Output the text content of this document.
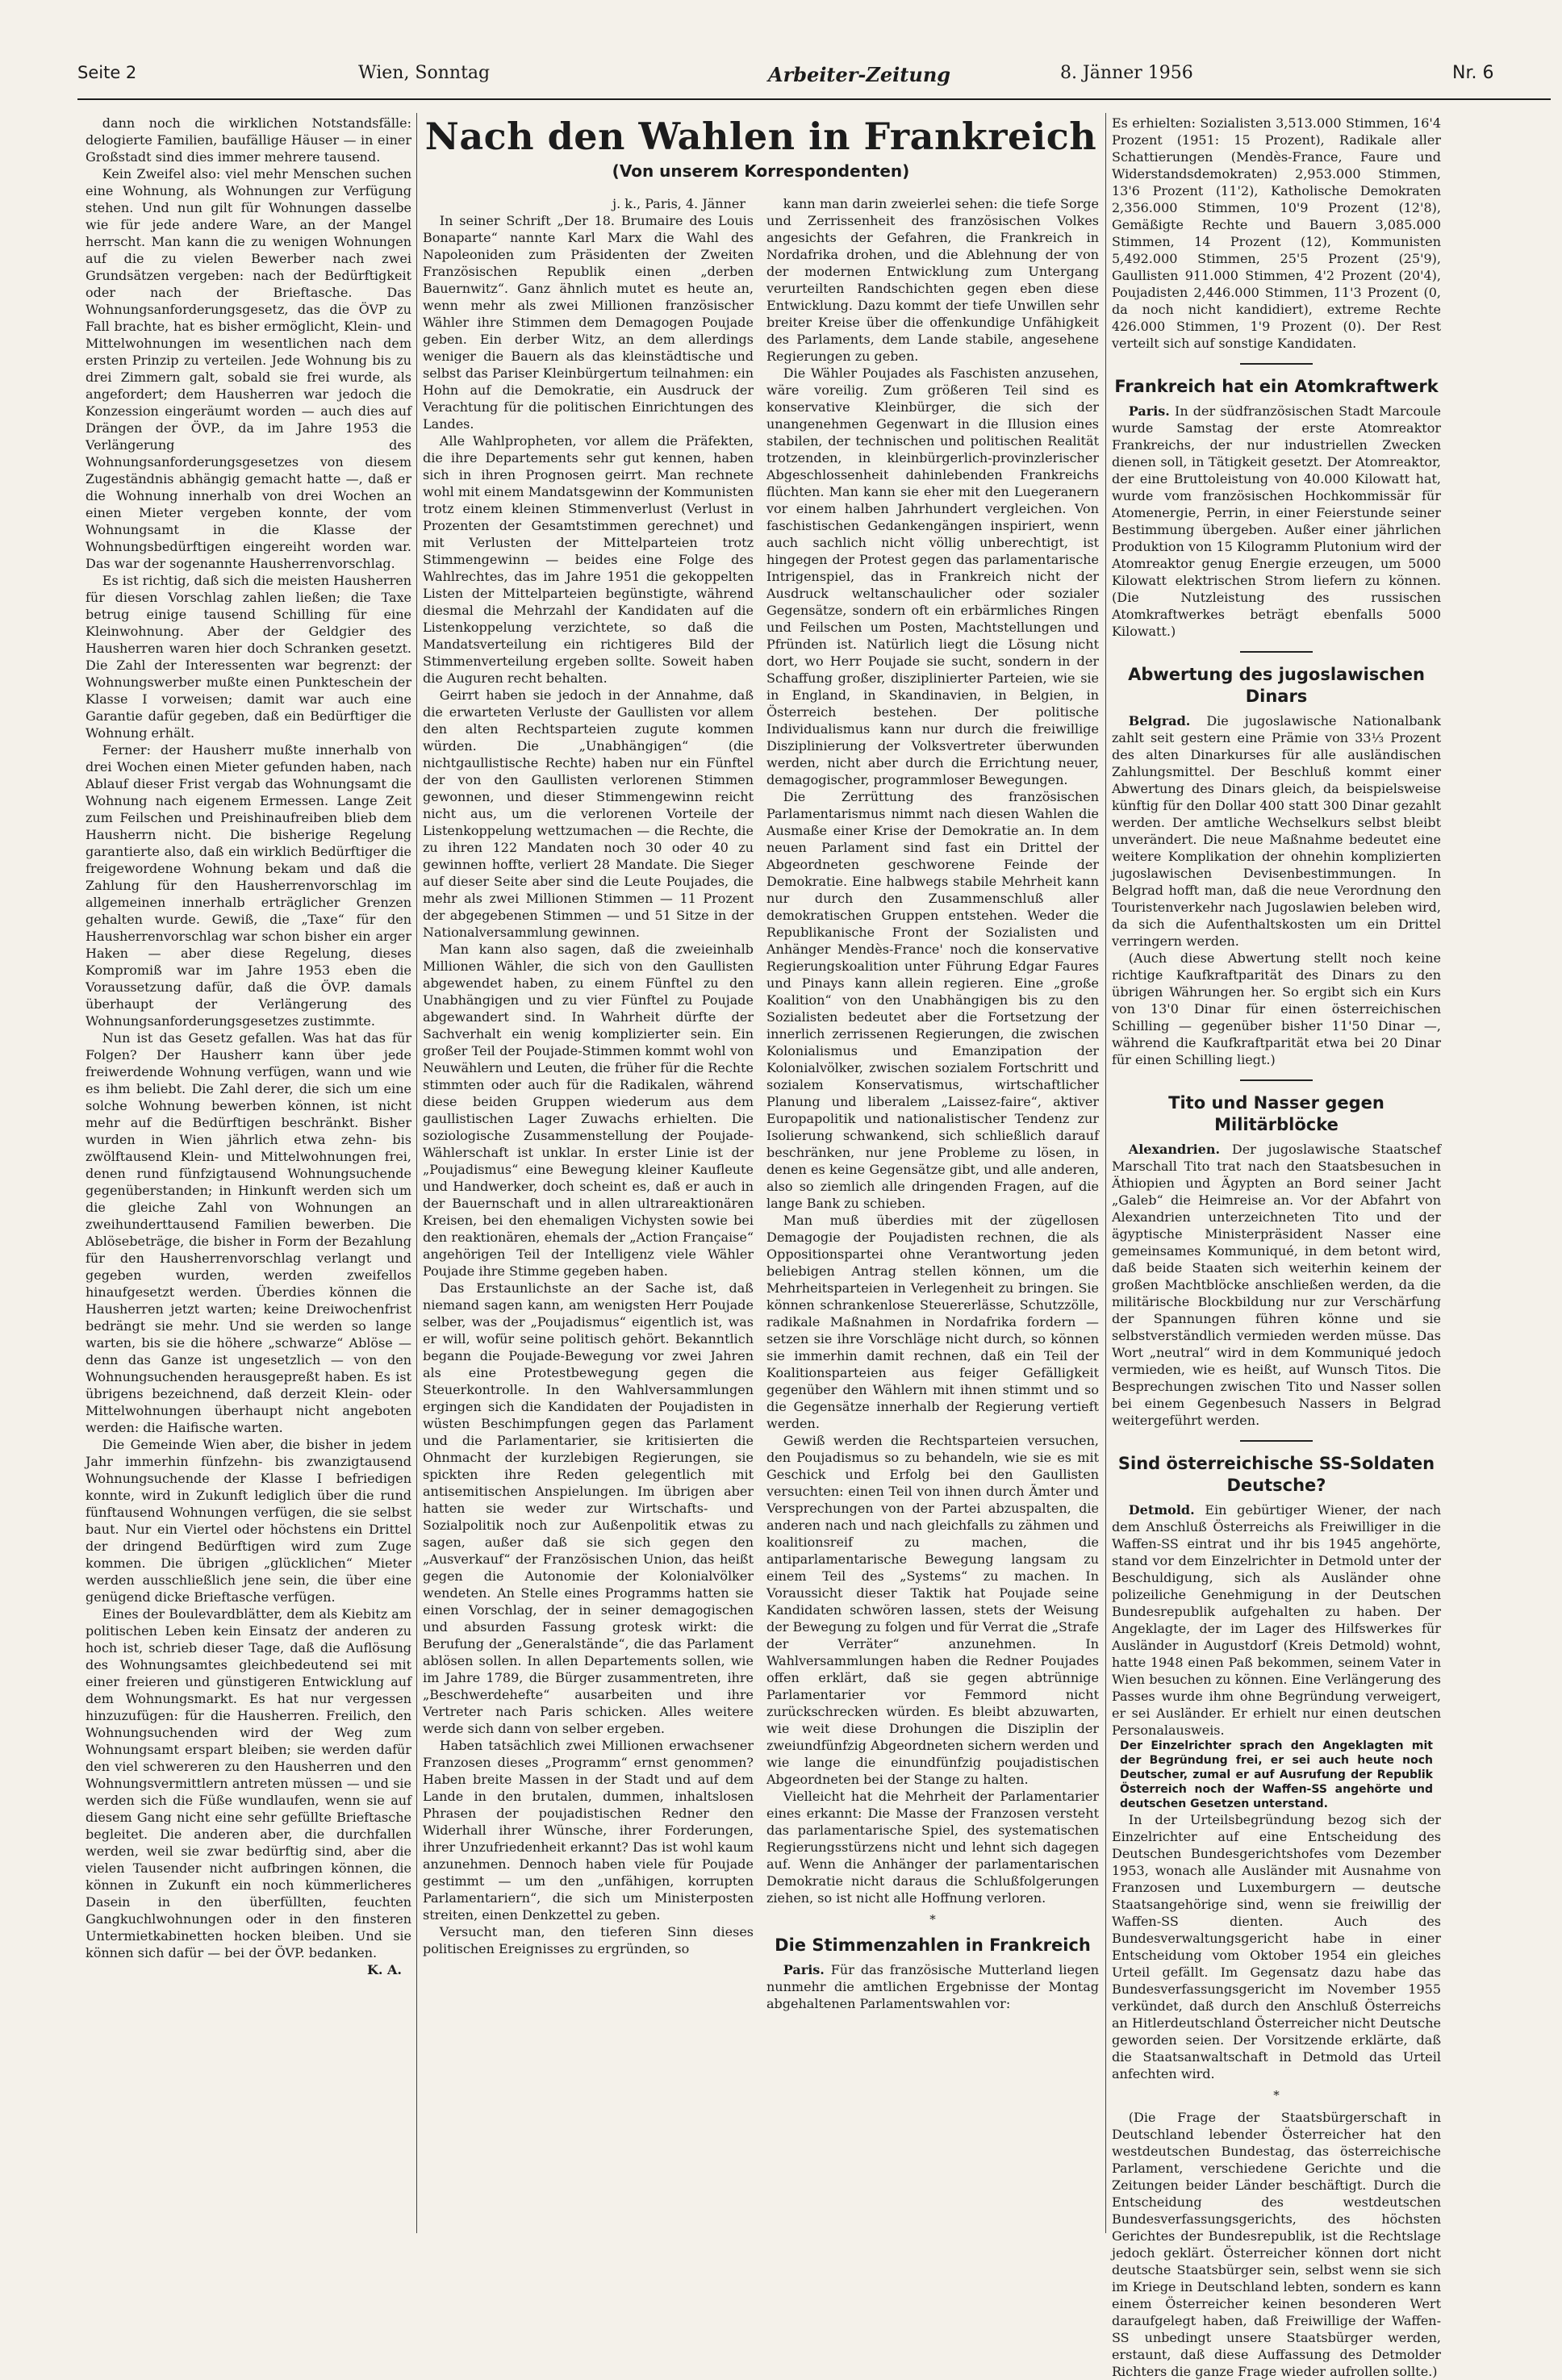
Seite 2	Wien, Sonntag	Arbeiter-Zeitung	8. Jänner 1956	Nr. 6

dann noch die wirklichen Notstandsfälle: delogierte Familien, baufällige Häuser — in einer Großstadt sind dies immer mehrere tausend.

Kein Zweifel also: viel mehr Menschen suchen eine Wohnung, als Wohnungen zur Verfügung stehen. Und nun gilt für Wohnungen dasselbe wie für jede andere Ware, an der Mangel herrscht. Man kann die zu wenigen Wohnungen auf die zu vielen Bewerber nach zwei Grundsätzen vergeben: nach der Bedürftigkeit oder nach der Brieftasche. Das Wohnungsanforderungsgesetz, das die ÖVP zu Fall brachte, hat es bisher ermöglicht, Klein- und Mittelwohnungen im wesentlichen nach dem ersten Prinzip zu verteilen. Jede Wohnung bis zu drei Zimmern galt, sobald sie frei wurde, als angefordert; dem Hausherren war jedoch die Konzession eingeräumt worden — auch dies auf Drängen der ÖVP., da im Jahre 1953 die Verlängerung des Wohnungsanforderungsgesetzes von diesem Zugeständnis abhängig gemacht hatte —, daß er die Wohnung innerhalb von drei Wochen an einen Mieter vergeben konnte, der vom Wohnungsamt in die Klasse der Wohnungsbedürftigen eingereiht worden war. Das war der sogenannte Hausherrenvorschlag.

Es ist richtig, daß sich die meisten Hausherren für diesen Vorschlag zahlen ließen; die Taxe betrug einige tausend Schilling für eine Kleinwohnung. Aber der Geldgier des Hausherren waren hier doch Schranken gesetzt. Die Zahl der Interessenten war begrenzt: der Wohnungswerber mußte einen Punkteschein der Klasse I vorweisen; damit war auch eine Garantie dafür gegeben, daß ein Bedürftiger die Wohnung erhält.

Ferner: der Hausherr mußte innerhalb von drei Wochen einen Mieter gefunden haben, nach Ablauf dieser Frist vergab das Wohnungsamt die Wohnung nach eigenem Ermessen. Lange Zeit zum Feilschen und Preishinaufreiben blieb dem Hausherrn nicht. Die bisherige Regelung garantierte also, daß ein wirklich Bedürftiger die freigewordene Wohnung bekam und daß die Zahlung für den Hausherrenvorschlag im allgemeinen innerhalb erträglicher Grenzen gehalten wurde. Gewiß, die „Taxe“ für den Hausherrenvorschlag war schon bisher ein arger Haken — aber diese Regelung, dieses Kompromiß war im Jahre 1953 eben die Voraussetzung dafür, daß die ÖVP. damals überhaupt der Verlängerung des Wohnungsanforderungsgesetzes zustimmte.

Nun ist das Gesetz gefallen. Was hat das für Folgen? Der Hausherr kann über jede freiwerdende Wohnung verfügen, wann und wie es ihm beliebt. Die Zahl derer, die sich um eine solche Wohnung bewerben können, ist nicht mehr auf die Bedürftigen beschränkt. Bisher wurden in Wien jährlich etwa zehn- bis zwölftausend Klein- und Mittelwohnungen frei, denen rund fünfzigtausend Wohnungsuchende gegenüberstanden; in Hinkunft werden sich um die gleiche Zahl von Wohnungen an zweihunderttausend Familien bewerben. Die Ablösebeträge, die bisher in Form der Bezahlung für den Hausherrenvorschlag verlangt und gegeben wurden, werden zweifellos hinaufgesetzt werden. Überdies können die Hausherren jetzt warten; keine Dreiwochenfrist bedrängt sie mehr. Und sie werden so lange warten, bis sie die höhere „schwarze“ Ablöse — denn das Ganze ist ungesetzlich — von den Wohnungsuchenden herausgepreßt haben. Es ist übrigens bezeichnend, daß derzeit Klein- oder Mittelwohnungen überhaupt nicht angeboten werden: die Haifische warten.

Die Gemeinde Wien aber, die bisher in jedem Jahr immerhin fünfzehn- bis zwanzigtausend Wohnungsuchende der Klasse I befriedigen konnte, wird in Zukunft lediglich über die rund fünftausend Wohnungen verfügen, die sie selbst baut. Nur ein Viertel oder höchstens ein Drittel der dringend Bedürftigen wird zum Zuge kommen. Die übrigen „glücklichen“ Mieter werden ausschließlich jene sein, die über eine genügend dicke Brieftasche verfügen.

Eines der Boulevardblätter, dem als Kiebitz am politischen Leben kein Einsatz der anderen zu hoch ist, schrieb dieser Tage, daß die Auflösung des Wohnungsamtes gleichbedeutend sei mit einer freieren und günstigeren Entwicklung auf dem Wohnungsmarkt. Es hat nur vergessen hinzuzufügen: für die Hausherren. Freilich, den Wohnungsuchenden wird der Weg zum Wohnungsamt erspart bleiben; sie werden dafür den viel schwereren zu den Hausherren und den Wohnungsvermittlern antreten müssen — und sie werden sich die Füße wundlaufen, wenn sie auf diesem Gang nicht eine sehr gefüllte Brieftasche begleitet. Die anderen aber, die durchfallen werden, weil sie zwar bedürftig sind, aber die vielen Tausender nicht aufbringen können, die können in Zukunft ein noch kümmerlicheres Dasein in den überfüllten, feuchten Gangkuchlwohnungen oder in den finsteren Untermietkabinetten hocken bleiben. Und sie können sich dafür — bei der ÖVP. bedanken.

K. A.

Nach den Wahlen in Frankreich
(Von unserem Korrespondenten)

j. k., Paris, 4. Jänner

In seiner Schrift „Der 18. Brumaire des Louis Bonaparte“ nannte Karl Marx die Wahl des Napoleoniden zum Präsidenten der Zweiten Französischen Republik einen „derben Bauernwitz“. Ganz ähnlich mutet es heute an, wenn mehr als zwei Millionen französischer Wähler ihre Stimmen dem Demagogen Poujade geben. Ein derber Witz, an dem allerdings weniger die Bauern als das kleinstädtische und selbst das Pariser Kleinbürgertum teilnahmen: ein Hohn auf die Demokratie, ein Ausdruck der Verachtung für die politischen Einrichtungen des Landes.

Alle Wahlpropheten, vor allem die Präfekten, die ihre Departements sehr gut kennen, haben sich in ihren Prognosen geirrt. Man rechnete wohl mit einem Mandatsgewinn der Kommunisten trotz einem kleinen Stimmenverlust (Verlust in Prozenten der Gesamtstimmen gerechnet) und mit Verlusten der Mittelparteien trotz Stimmengewinn — beides eine Folge des Wahlrechtes, das im Jahre 1951 die gekoppelten Listen der Mittelparteien begünstigte, während diesmal die Mehrzahl der Kandidaten auf die Listenkoppelung verzichtete, so daß die Mandatsverteilung ein richtigeres Bild der Stimmenverteilung ergeben sollte. Soweit haben die Auguren recht behalten.

Geirrt haben sie jedoch in der Annahme, daß die erwarteten Verluste der Gaullisten vor allem den alten Rechtsparteien zugute kommen würden. Die „Unabhängigen“ (die nichtgaullistische Rechte) haben nur ein Fünftel der von den Gaullisten verlorenen Stimmen gewonnen, und dieser Stimmengewinn reicht nicht aus, um die verlorenen Vorteile der Listenkoppelung wettzumachen — die Rechte, die zu ihren 122 Mandaten noch 30 oder 40 zu gewinnen hoffte, verliert 28 Mandate. Die Sieger auf dieser Seite aber sind die Leute Poujades, die mehr als zwei Millionen Stimmen — 11 Prozent der abgegebenen Stimmen — und 51 Sitze in der Nationalversammlung gewinnen.

Man kann also sagen, daß die zweieinhalb Millionen Wähler, die sich von den Gaullisten abgewendet haben, zu einem Fünftel zu den Unabhängigen und zu vier Fünftel zu Poujade abgewandert sind. In Wahrheit dürfte der Sachverhalt ein wenig komplizierter sein. Ein großer Teil der Poujade-Stimmen kommt wohl von Neuwählern und Leuten, die früher für die Rechte stimmten oder auch für die Radikalen, während diese beiden Gruppen wiederum aus dem gaullistischen Lager Zuwachs erhielten. Die soziologische Zusammenstellung der Poujade-Wählerschaft ist unklar. In erster Linie ist der „Poujadismus“ eine Bewegung kleiner Kaufleute und Handwerker, doch scheint es, daß er auch in der Bauernschaft und in allen ultrareaktionären Kreisen, bei den ehemaligen Vichysten sowie bei den reaktionären, ehemals der „Action Française“ angehörigen Teil der Intelligenz viele Wähler Poujade ihre Stimme gegeben haben.

Das Erstaunlichste an der Sache ist, daß niemand sagen kann, am wenigsten Herr Poujade selber, was der „Poujadismus“ eigentlich ist, was er will, wofür seine politisch gehört. Bekanntlich begann die Poujade-Bewegung vor zwei Jahren als eine Protestbewegung gegen die Steuerkontrolle. In den Wahlversammlungen ergingen sich die Kandidaten der Poujadisten in wüsten Beschimpfungen gegen das Parlament und die Parlamentarier, sie kritisierten die Ohnmacht der kurzlebigen Regierungen, sie spickten ihre Reden gelegentlich mit antisemitischen Anspielungen. Im übrigen aber hatten sie weder zur Wirtschafts- und Sozialpolitik noch zur Außenpolitik etwas zu sagen, außer daß sie sich gegen den „Ausverkauf“ der Französischen Union, das heißt gegen die Autonomie der Kolonialvölker wendeten. An Stelle eines Programms hatten sie einen Vorschlag, der in seiner demagogischen und absurden Fassung grotesk wirkt: die Berufung der „Generalstände“, die das Parlament ablösen sollen. In allen Departements sollen, wie im Jahre 1789, die Bürger zusammentreten, ihre „Beschwerdehefte“ ausarbeiten und ihre Vertreter nach Paris schicken. Alles weitere werde sich dann von selber ergeben.

Haben tatsächlich zwei Millionen erwachsener Franzosen dieses „Programm“ ernst genommen? Haben breite Massen in der Stadt und auf dem Lande in den brutalen, dummen, inhaltslosen Phrasen der poujadistischen Redner den Widerhall ihrer Wünsche, ihrer Forderungen, ihrer Unzufriedenheit erkannt? Das ist wohl kaum anzunehmen. Dennoch haben viele für Poujade gestimmt — um den „unfähigen, korrupten Parlamentariern“, die sich um Ministerposten streiten, einen Denkzettel zu geben.

Versucht man, den tieferen Sinn dieses politischen Ereignisses zu ergründen, so

kann man darin zweierlei sehen: die tiefe Sorge und Zerrissenheit des französischen Volkes angesichts der Gefahren, die Frankreich in Nordafrika drohen, und die Ablehnung der von der modernen Entwicklung zum Untergang verurteilten Randschichten gegen eben diese Entwicklung. Dazu kommt der tiefe Unwillen sehr breiter Kreise über die offenkundige Unfähigkeit des Parlaments, dem Lande stabile, angesehene Regierungen zu geben.

Die Wähler Poujades als Faschisten anzusehen, wäre voreilig. Zum größeren Teil sind es konservative Kleinbürger, die sich der unangenehmen Gegenwart in die Illusion eines stabilen, der technischen und politischen Realität trotzenden, in kleinbürgerlich-provinzlerischer Abgeschlossenheit dahinlebenden Frankreichs flüchten. Man kann sie eher mit den Luegeranern vor einem halben Jahrhundert vergleichen. Von faschistischen Gedankengängen inspiriert, wenn auch sachlich nicht völlig unberechtigt, ist hingegen der Protest gegen das parlamentarische Intrigenspiel, das in Frankreich nicht der Ausdruck weltanschaulicher oder sozialer Gegensätze, sondern oft ein erbärmliches Ringen und Feilschen um Posten, Machtstellungen und Pfründen ist. Natürlich liegt die Lösung nicht dort, wo Herr Poujade sie sucht, sondern in der Schaffung großer, disziplinierter Parteien, wie sie in England, in Skandinavien, in Belgien, in Österreich bestehen. Der politische Individualismus kann nur durch die freiwillige Disziplinierung der Volksvertreter überwunden werden, nicht aber durch die Errichtung neuer, demagogischer, programmloser Bewegungen.

Die Zerrüttung des französischen Parlamentarismus nimmt nach diesen Wahlen die Ausmaße einer Krise der Demokratie an. In dem neuen Parlament sind fast ein Drittel der Abgeordneten geschworene Feinde der Demokratie. Eine halbwegs stabile Mehrheit kann nur durch den Zusammenschluß aller demokratischen Gruppen entstehen. Weder die Republikanische Front der Sozialisten und Anhänger Mendès-France' noch die konservative Regierungskoalition unter Führung Edgar Faures und Pinays kann allein regieren. Eine „große Koalition“ von den Unabhängigen bis zu den Sozialisten bedeutet aber die Fortsetzung der innerlich zerrissenen Regierungen, die zwischen Kolonialismus und Emanzipation der Kolonialvölker, zwischen sozialem Fortschritt und sozialem Konservatismus, wirtschaftlicher Planung und liberalem „Laissez-faire“, aktiver Europapolitik und nationalistischer Tendenz zur Isolierung schwankend, sich schließlich darauf beschränken, nur jene Probleme zu lösen, in denen es keine Gegensätze gibt, und alle anderen, also so ziemlich alle dringenden Fragen, auf die lange Bank zu schieben.

Man muß überdies mit der zügellosen Demagogie der Poujadisten rechnen, die als Oppositionspartei ohne Verantwortung jeden beliebigen Antrag stellen können, um die Mehrheitsparteien in Verlegenheit zu bringen. Sie können schrankenlose Steuererlässe, Schutzzölle, radikale Maßnahmen in Nordafrika fordern — setzen sie ihre Vorschläge nicht durch, so können sie immerhin damit rechnen, daß ein Teil der Koalitionsparteien aus feiger Gefälligkeit gegenüber den Wählern mit ihnen stimmt und so die Gegensätze innerhalb der Regierung vertieft werden.

Gewiß werden die Rechtsparteien versuchen, den Poujadismus so zu behandeln, wie sie es mit Geschick und Erfolg bei den Gaullisten versuchten: einen Teil von ihnen durch Ämter und Versprechungen von der Partei abzuspalten, die anderen nach und nach gleichfalls zu zähmen und koalitionsreif zu machen, die antiparlamentarische Bewegung langsam zu einem Teil des „Systems“ zu machen. In Voraussicht dieser Taktik hat Poujade seine Kandidaten schwören lassen, stets der Weisung der Bewegung zu folgen und für Verrat die „Strafe der Verräter“ anzunehmen. In Wahlversammlungen haben die Redner Poujades offen erklärt, daß sie gegen abtrünnige Parlamentarier vor Femmord nicht zurückschrecken würden. Es bleibt abzuwarten, wie weit diese Drohungen die Disziplin der zweiundfünfzig Abgeordneten sichern werden und wie lange die einundfünfzig poujadistischen Abgeordneten bei der Stange zu halten.

Vielleicht hat die Mehrheit der Parlamentarier eines erkannt: Die Masse der Franzosen versteht das parlamentarische Spiel, des systematischen Regierungsstürzens nicht und lehnt sich dagegen auf. Wenn die Anhänger der parlamentarischen Demokratie nicht daraus die Schlußfolgerungen ziehen, so ist nicht alle Hoffnung verloren.

*
Die Stimmenzahlen in Frankreich

Paris. Für das französische Mutterland liegen nunmehr die amtlichen Ergebnisse der Montag abgehaltenen Parlamentswahlen vor:

Es erhielten: Sozialisten 3,513.000 Stimmen, 16'4 Prozent (1951: 15 Prozent), Radikale aller Schattierungen (Mendès-France, Faure und Widerstandsdemokraten) 2,953.000 Stimmen, 13'6 Prozent (11'2), Katholische Demokraten 2,356.000 Stimmen, 10'9 Prozent (12'8), Gemäßigte Rechte und Bauern 3,085.000 Stimmen, 14 Prozent (12), Kommunisten 5,492.000 Stimmen, 25'5 Prozent (25'9), Gaullisten 911.000 Stimmen, 4'2 Prozent (20'4), Poujadisten 2,446.000 Stimmen, 11'3 Prozent (0, da noch nicht kandidiert), extreme Rechte 426.000 Stimmen, 1'9 Prozent (0). Der Rest verteilt sich auf sonstige Kandidaten.

Frankreich hat ein Atomkraftwerk

Paris. In der südfranzösischen Stadt Marcoule wurde Samstag der erste Atomreaktor Frankreichs, der nur industriellen Zwecken dienen soll, in Tätigkeit gesetzt. Der Atomreaktor, der eine Bruttoleistung von 40.000 Kilowatt hat, wurde vom französischen Hochkommissär für Atomenergie, Perrin, in einer Feierstunde seiner Bestimmung übergeben. Außer einer jährlichen Produktion von 15 Kilogramm Plutonium wird der Atomreaktor genug Energie erzeugen, um 5000 Kilowatt elektrischen Strom liefern zu können. (Die Nutzleistung des russischen Atomkraftwerkes beträgt ebenfalls 5000 Kilowatt.)

Abwertung des jugoslawischen Dinars

Belgrad. Die jugoslawische Nationalbank zahlt seit gestern eine Prämie von 33⅓ Prozent des alten Dinarkurses für alle ausländischen Zahlungsmittel. Der Beschluß kommt einer Abwertung des Dinars gleich, da beispielsweise künftig für den Dollar 400 statt 300 Dinar gezahlt werden. Der amtliche Wechselkurs selbst bleibt unverändert. Die neue Maßnahme bedeutet eine weitere Komplikation der ohnehin komplizierten jugoslawischen Devisenbestimmungen. In Belgrad hofft man, daß die neue Verordnung den Touristenverkehr nach Jugoslawien beleben wird, da sich die Aufenthaltskosten um ein Drittel verringern werden.

(Auch diese Abwertung stellt noch keine richtige Kaufkraftparität des Dinars zu den übrigen Währungen her. So ergibt sich ein Kurs von 13'0 Dinar für einen österreichischen Schilling — gegenüber bisher 11'50 Dinar —, während die Kaufkraftparität etwa bei 20 Dinar für einen Schilling liegt.)

Tito und Nasser gegen Militärblöcke

Alexandrien. Der jugoslawische Staatschef Marschall Tito trat nach den Staatsbesuchen in Äthiopien und Ägypten an Bord seiner Jacht „Galeb“ die Heimreise an. Vor der Abfahrt von Alexandrien unterzeichneten Tito und der ägyptische Ministerpräsident Nasser eine gemeinsames Kommuniqué, in dem betont wird, daß beide Staaten sich weiterhin keinem der großen Machtblöcke anschließen werden, da die militärische Blockbildung nur zur Verschärfung der Spannungen führen könne und sie selbstverständlich vermieden werden müsse. Das Wort „neutral“ wird in dem Kommuniqué jedoch vermieden, wie es heißt, auf Wunsch Titos. Die Besprechungen zwischen Tito und Nasser sollen bei einem Gegenbesuch Nassers in Belgrad weitergeführt werden.

Sind österreichische SS-Soldaten Deutsche?

Detmold. Ein gebürtiger Wiener, der nach dem Anschluß Österreichs als Freiwilliger in die Waffen-SS eintrat und ihr bis 1945 angehörte, stand vor dem Einzelrichter in Detmold unter der Beschuldigung, sich als Ausländer ohne polizeiliche Genehmigung in der Deutschen Bundesrepublik aufgehalten zu haben. Der Angeklagte, der im Lager des Hilfswerkes für Ausländer in Augustdorf (Kreis Detmold) wohnt, hatte 1948 einen Paß bekommen, seinem Vater in Wien besuchen zu können. Eine Verlängerung des Passes wurde ihm ohne Begründung verweigert, er sei Ausländer. Er erhielt nur einen deutschen Personalausweis.

Der Einzelrichter sprach den Angeklagten mit der Begründung frei, er sei auch heute noch Deutscher, zumal er auf Ausrufung der Republik Österreich noch der Waffen-SS angehörte und deutschen Gesetzen unterstand.

In der Urteilsbegründung bezog sich der Einzelrichter auf eine Entscheidung des Deutschen Bundesgerichtshofes vom Dezember 1953, wonach alle Ausländer mit Ausnahme von Franzosen und Luxemburgern — deutsche Staatsangehörige sind, wenn sie freiwillig der Waffen-SS dienten. Auch des Bundesverwaltungsgericht habe in einer Entscheidung vom Oktober 1954 ein gleiches Urteil gefällt. Im Gegensatz dazu habe das Bundesverfassungsgericht im November 1955 verkündet, daß durch den Anschluß Österreichs an Hitlerdeutschland Österreicher nicht Deutsche geworden seien. Der Vorsitzende erklärte, daß die Staatsanwaltschaft in Detmold das Urteil anfechten wird.

*

(Die Frage der Staatsbürgerschaft in Deutschland lebender Österreicher hat den westdeutschen Bundestag, das österreichische Parlament, verschiedene Gerichte und die Zeitungen beider Länder beschäftigt. Durch die Entscheidung des westdeutschen Bundesverfassungsgerichts, des höchsten Gerichtes der Bundesrepublik, ist die Rechtslage jedoch geklärt. Österreicher können dort nicht deutsche Staatsbürger sein, selbst wenn sie sich im Kriege in Deutschland lebten, sondern es kann einem Österreicher keinen besonderen Wert daraufgelegt haben, daß Freiwillige der Waffen-SS unbedingt unsere Staatsbürger werden, erstaunt, daß diese Auffassung des Detmolder Richters die ganze Frage wieder aufrollen sollte.)
